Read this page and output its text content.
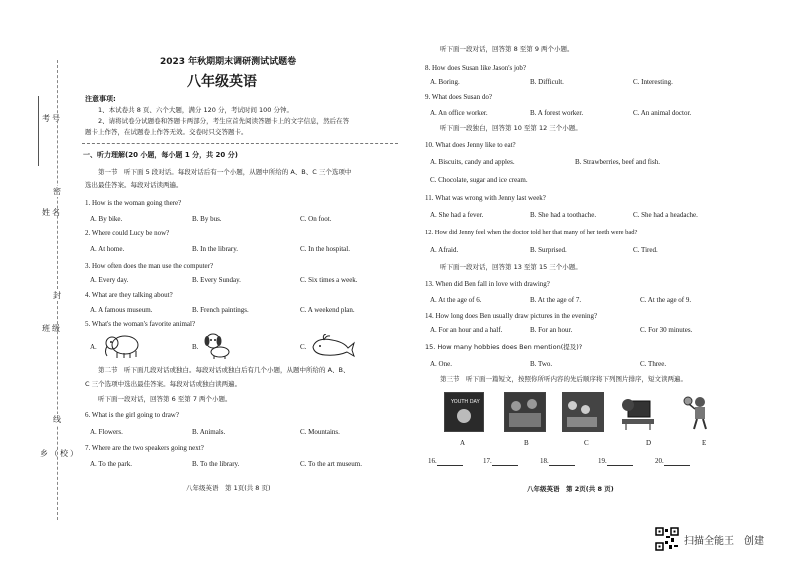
考号
姓名
班级
乡（校）
密
封
线
2023 年秋期期末调研测试试题卷
八年级英语
注意事项:
1、本试卷共 8 页、六个大题，满分 120 分，考试时间 100 分钟。
2、请将试卷分试题卷和答题卡两部分，考生应首先阅读答题卡上的文字信息，然后在答
题卡上作答，在试题卷上作答无效。交卷时只交答题卡。
一、听力理解(20 小题，每小题 1 分，共 20 分)
第一节　听下面 5 段对话。每段对话后有一个小题，从题中所给的 A、B、C 三个选项中
选出最佳答案。每段对话读两遍。
1. How is the woman going there?
A. By bike.	B. By bus.	C. On foot.
2. Where could Lucy be now?
A. At home.	B. In the library.	C. In the hospital.
3. How often does the man use the computer?
A. Every day.	B. Every Sunday.	C. Six times a week.
4. What are they talking about?
A. A famous museum.	B. French paintings.	C. A weekend plan.
5. What's the woman's favorite animal?
A.	B.	C.
第二节　听下面几段对话或独白。每段对话或独白后有几个小题，从题中所给的 A、B、
C 三个选项中选出最佳答案。每段对话或独白读两遍。
听下面一段对话，回答第 6 至第 7 两个小题。
6. What is the girl going to draw?
A. Flowers.	B. Animals.	C. Mountains.
7. Where are the two speakers going next?
A. To the park.	B. To the library.	C. To the art museum.
八年级英语　第 1页(共 8 页)
听下面一段对话，回答第 8 至第 9 两个小题。
8. How does Susan like Jason's job?
A. Boring.	B. Difficult.	C. Interesting.
9. What does Susan do?
A. An office worker.	B. A forest worker.	C. An animal doctor.
听下面一段独白，回答第 10 至第 12 三个小题。
10. What does Jenny like to eat?
A. Biscuits, candy and apples.	B. Strawberries, beef and fish.
C. Chocolate, sugar and ice cream.
11. What was wrong with Jenny last week?
A. She had a fever.	B. She had a toothache.	C. She had a headache.
12. How did Jenny feel when the doctor told her that many of her teeth were bad?
A. Afraid.	B. Surprised.	C. Tired.
听下面一段对话，回答第 13 至第 15 三个小题。
13. When did Ben fall in love with drawing?
A. At the age of 6.	B. At the age of 7.	C. At the age of 9.
14. How long does Ben usually draw pictures in the evening?
A. For an hour and a half.	B. For an hour.	C. For 30 minutes.
15. How many hobbies does Ben mention(提及)?
A. One.	B. Two.	C. Three.
第三节　听下面一篇短文，按照你所听内容的先后顺序将下列图片排序，短文读两遍。
YOUTH DAY
A	B	C	D	E
16.	17.	18.	19.	20.
八年级英语　第 2页(共 8 页)
扫描全能王　创建
